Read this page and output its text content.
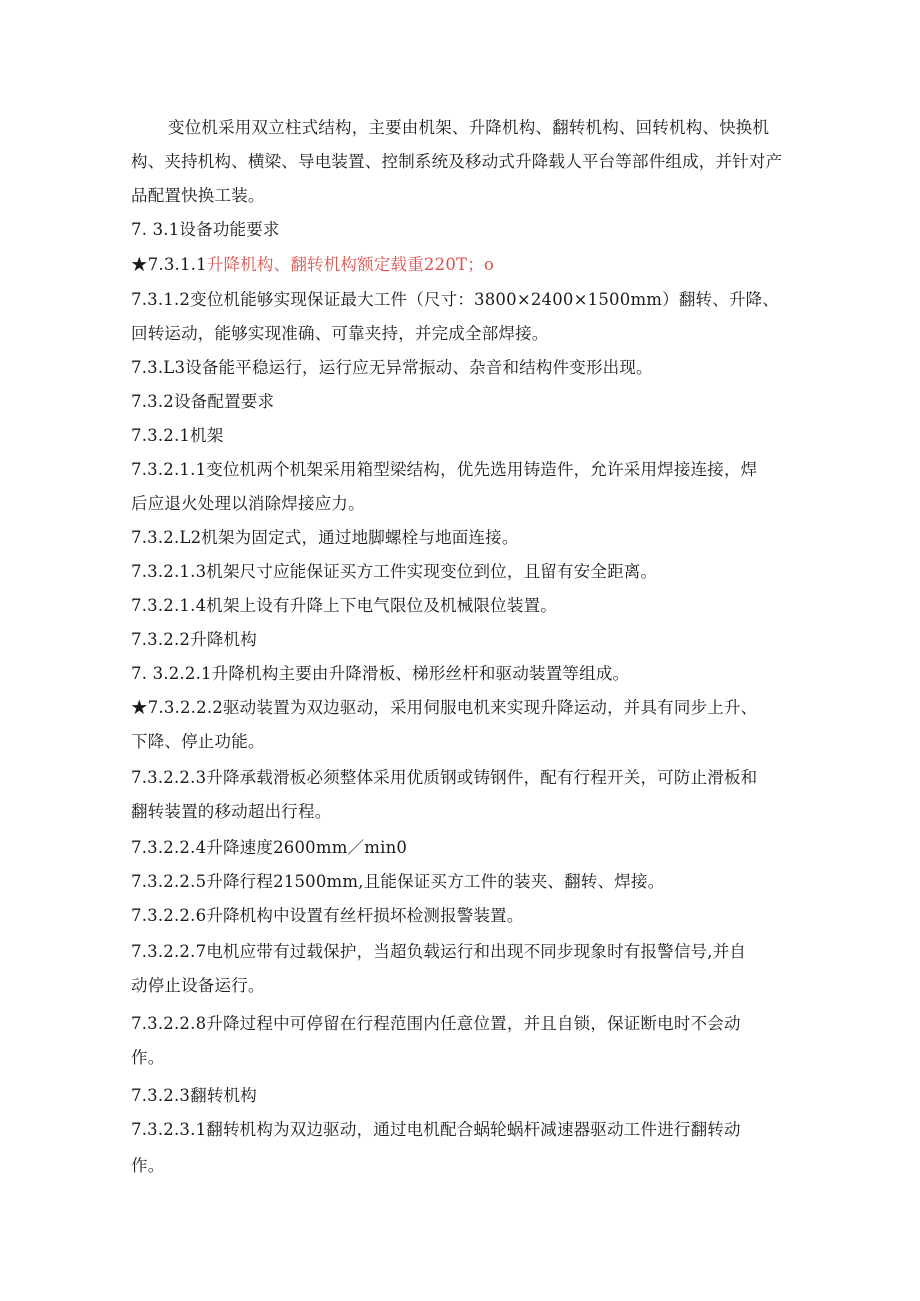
变位机采用双立柱式结构，主要由机架、升降机构、翻转机构、回转机构、快换机
构、夹持机构、横梁、导电装置、控制系统及移动式升降载人平台等部件组成，并针对产
品配置快换工装。
7. 3.1设备功能要求
★7.3.1.1升降机构、翻转机构额定载重220T；o
7.3.1.2变位机能够实现保证最大工件（尺寸：3800×2400×1500mm）翻转、升降、
回转运动，能够实现准确、可靠夹持，并完成全部焊接。
7.3.L3设备能平稳运行，运行应无异常振动、杂音和结构件变形出现。
7.3.2设备配置要求
7.3.2.1机架
7.3.2.1.1变位机两个机架采用箱型梁结构，优先选用铸造件，允许采用焊接连接，焊
后应退火处理以消除焊接应力。
7.3.2.L2机架为固定式，通过地脚螺栓与地面连接。
7.3.2.1.3机架尺寸应能保证买方工件实现变位到位，且留有安全距离。
7.3.2.1.4机架上设有升降上下电气限位及机械限位装置。
7.3.2.2升降机构
7. 3.2.2.1升降机构主要由升降滑板、梯形丝杆和驱动装置等组成。
★7.3.2.2.2驱动装置为双边驱动，采用伺服电机来实现升降运动，并具有同步上升、
下降、停止功能。
7.3.2.2.3升降承载滑板必须整体采用优质钢或铸钢件，配有行程开关，可防止滑板和
翻转装置的移动超出行程。
7.3.2.2.4升降速度2600mm／min0
7.3.2.2.5升降行程21500mm,且能保证买方工件的装夹、翻转、焊接。
7.3.2.2.6升降机构中设置有丝杆损坏检测报警装置。
7.3.2.2.7电机应带有过载保护，当超负载运行和出现不同步现象时有报警信号,并自
动停止设备运行。
7.3.2.2.8升降过程中可停留在行程范围内任意位置，并且自锁，保证断电时不会动
作。
7.3.2.3翻转机构
7.3.2.3.1翻转机构为双边驱动，通过电机配合蜗轮蜗杆减速器驱动工件进行翻转动
作。
